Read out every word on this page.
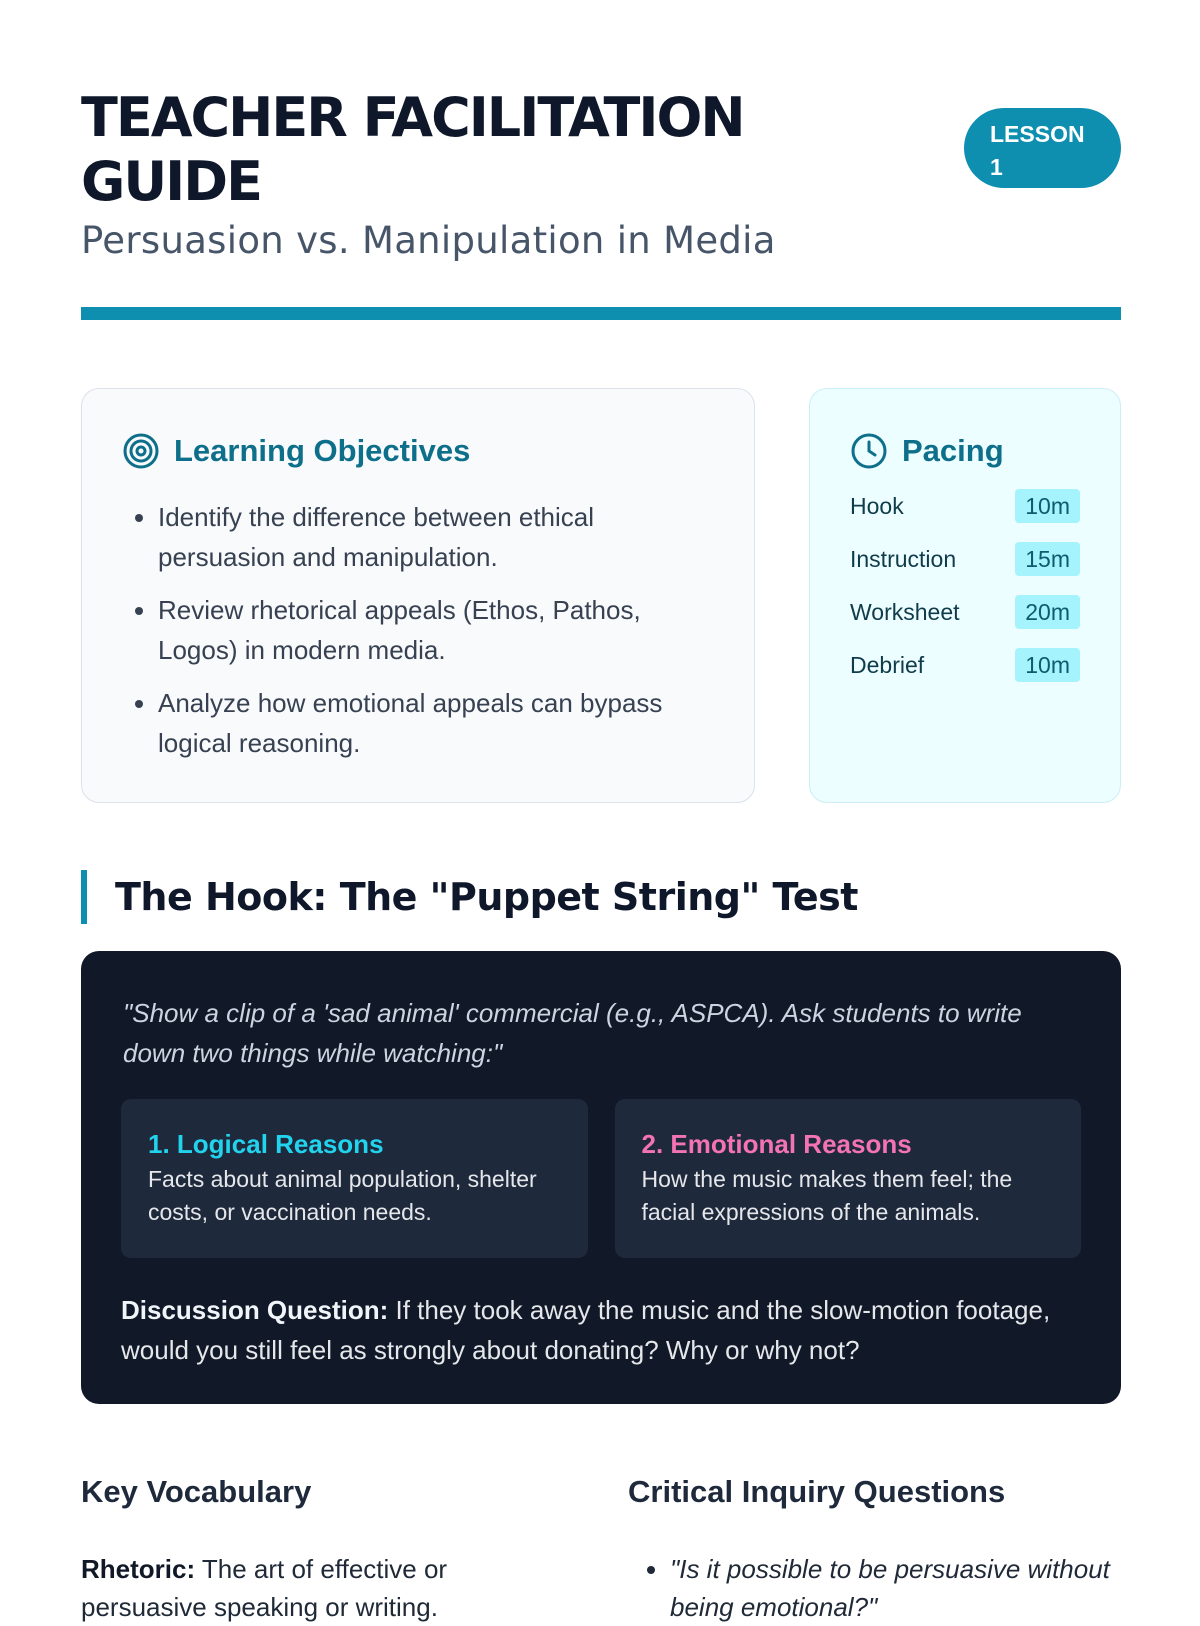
TEACHER FACILITATION GUIDE
Persuasion vs. Manipulation in Media
LESSON 1
Learning Objectives
• Identify the difference between ethical persuasion and manipulation.
• Review rhetorical appeals (Ethos, Pathos, Logos) in modern media.
• Analyze how emotional appeals can bypass logical reasoning.
Pacing
Hook	10m
Instruction	15m
Worksheet	20m
Debrief	10m
The Hook: The "Puppet String" Test

"Show a clip of a 'sad animal' commercial (e.g., ASPCA). Ask students to write down two things while watching:"

1. Logical Reasons
Facts about animal population, shelter costs, or vaccination needs.
2. Emotional Reasons
How the music makes them feel; the facial expressions of the animals.

Discussion Question: If they took away the music and the slow-motion footage, would you still feel as strongly about donating? Why or why not?

Key Vocabulary

Rhetoric: The art of effective or persuasive speaking or writing.

Critical Inquiry Questions
• "Is it possible to be persuasive without being emotional?"
